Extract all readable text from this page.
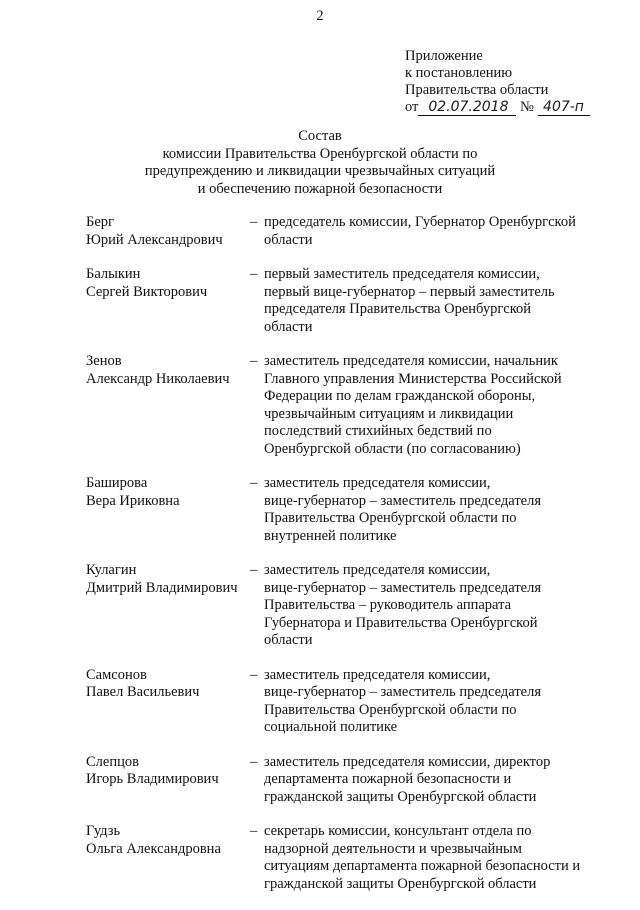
2
Приложение
к постановлению
Правительства области
от 02.07.2018 № 407-п
Состав
комиссии Правительства Оренбургской области по
предупреждению и ликвидации чрезвычайных ситуаций
и обеспечению пожарной безопасности
Берг
Юрий Александрович
– председатель комиссии, Губернатор Оренбургской
области
Балыкин
Сергей Викторович
– первый заместитель председателя комиссии,
первый вице-губернатор – первый заместитель
председателя Правительства Оренбургской
области
Зенов
Александр Николаевич
– заместитель председателя комиссии, начальник
Главного управления Министерства Российской
Федерации по делам гражданской обороны,
чрезвычайным ситуациям и ликвидации
последствий стихийных бедствий по
Оренбургской области (по согласованию)
Баширова
Вера Ириковна
– заместитель председателя комиссии,
вице-губернатор – заместитель председателя
Правительства Оренбургской области по
внутренней политике
Кулагин
Дмитрий Владимирович
– заместитель председателя комиссии,
вице-губернатор – заместитель председателя
Правительства – руководитель аппарата
Губернатора и Правительства Оренбургской
области
Самсонов
Павел Васильевич
– заместитель председателя комиссии,
вице-губернатор – заместитель председателя
Правительства Оренбургской области по
социальной политике
Слепцов
Игорь Владимирович
– заместитель председателя комиссии, директор
департамента пожарной безопасности и
гражданской защиты Оренбургской области
Гудзь
Ольга Александровна
– секретарь комиссии, консультант отдела по
надзорной деятельности и чрезвычайным
ситуациям департамента пожарной безопасности и
гражданской защиты Оренбургской области
